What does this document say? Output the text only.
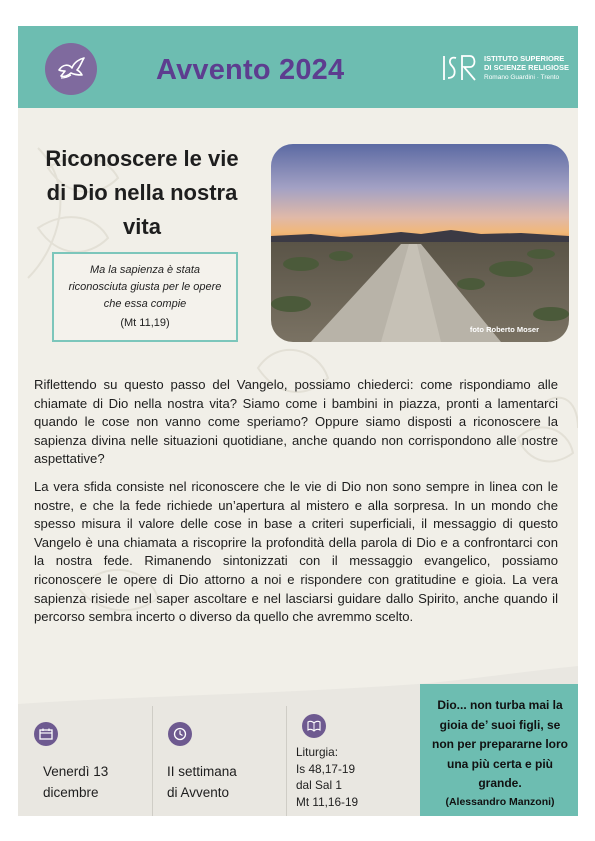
Avvento 2024	ISTITUTO SUPERIORE
DI SCIENZE RELIGIOSE
Romano Guardini · Trento
Riconoscere le vie di Dio nella nostra vita
Ma la sapienza è stata riconosciuta giusta per le opere che essa compie
(Mt 11,19)
foto Roberto Moser

Riflettendo su questo passo del Vangelo, possiamo chiederci: come rispondiamo alle chiamate di Dio nella nostra vita? Siamo come i bambini in piazza, pronti a lamentarci quando le cose non vanno come speriamo? Oppure siamo disposti a riconoscere la sapienza divina nelle situazioni quotidiane, anche quando non corrispondono alle nostre aspettative?

La vera sfida consiste nel riconoscere che le vie di Dio non sono sempre in linea con le nostre, e che la fede richiede un’apertura al mistero e alla sorpresa. In un mondo che spesso misura il valore delle cose in base a criteri superficiali, il messaggio di questo Vangelo è una chiamata a riscoprire la profondità della parola di Dio e a confrontarci con la nostra fede. Rimanendo sintonizzati con il messaggio evangelico, possiamo riconoscere le opere di Dio attorno a noi e rispondere con gratitudine e gioia. La vera sapienza risiede nel saper ascoltare e nel lasciarsi guidare dallo Spirito, anche quando il percorso sembra incerto o diverso da quello che avremmo scelto.

Venerdì 13
dicembre
II settimana
di Avvento
Liturgia:
Is 48,17-19
dal Sal 1
Mt 11,16-19
Dio... non turba mai la gioia de’ suoi figli, se non per prepararne loro una più certa e più grande.
(Alessandro Manzoni)
